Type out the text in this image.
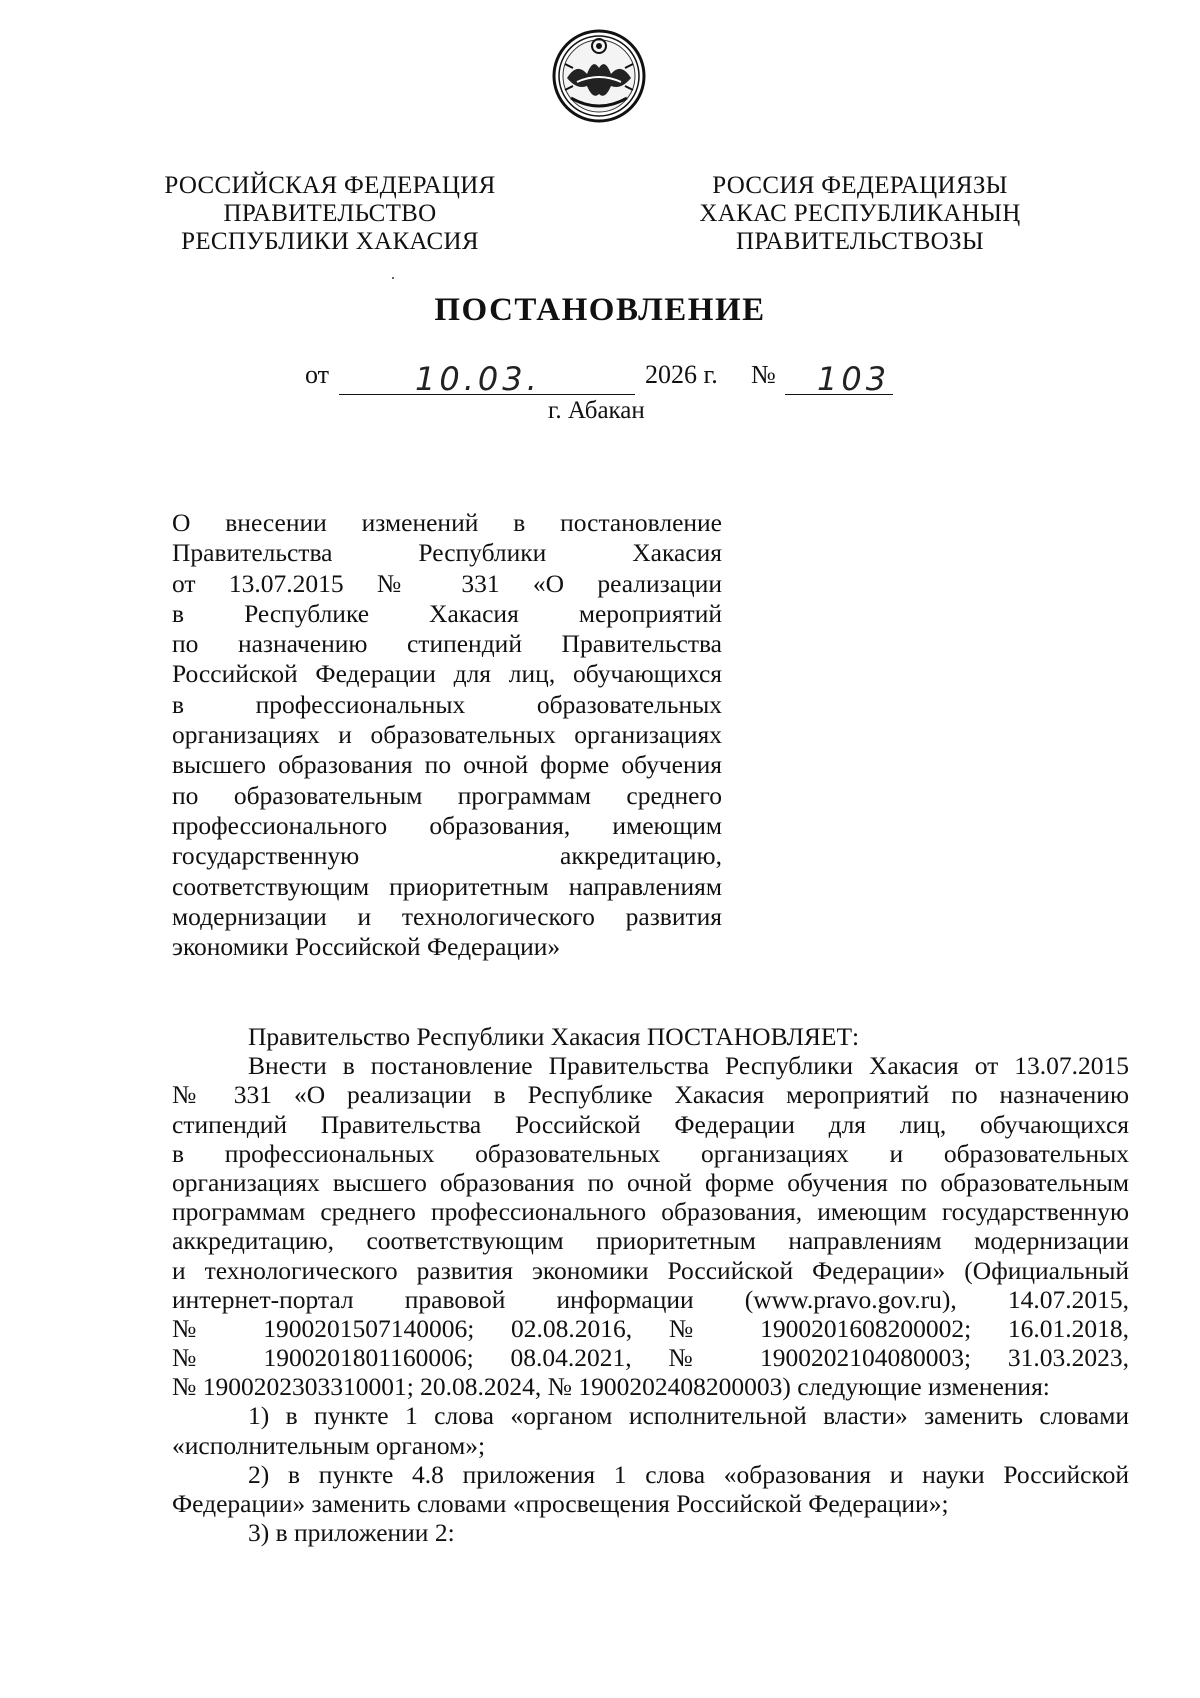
РОССИЙСКАЯ ФЕДЕРАЦИЯ
ПРАВИТЕЛЬСТВО
РЕСПУБЛИКИ ХАКАСИЯ
РОССИЯ ФЕДЕРАЦИЯЗЫ
ХАКАС РЕСПУБЛИКАНЫҢ
ПРАВИТЕЛЬСТВОЗЫ
ПОСТАНОВЛЕНИЕ
от	10.03.	2026 г. № 103
г. Абакан
О внесении изменений в постановление
Правительства Республики Хакасия
от 13.07.2015 № 331 «О реализации
в Республике Хакасия мероприятий
по назначению стипендий Правительства
Российской Федерации для лиц, обучающихся
в профессиональных образовательных
организациях и образовательных организациях
высшего образования по очной форме обучения
по образовательным программам среднего
профессионального образования, имеющим
государственную аккредитацию,
соответствующим приоритетным направлениям
модернизации и технологического развития
экономики Российской Федерации»
Правительство Республики Хакасия ПОСТАНОВЛЯЕТ:
Внести в постановление Правительства Республики Хакасия от 13.07.2015
№ 331 «О реализации в Республике Хакасия мероприятий по назначению
стипендий Правительства Российской Федерации для лиц, обучающихся
в профессиональных образовательных организациях и образовательных
организациях высшего образования по очной форме обучения по образовательным
программам среднего профессионального образования, имеющим государственную
аккредитацию, соответствующим приоритетным направлениям модернизации
и технологического развития экономики Российской Федерации» (Официальный
интернет-портал правовой информации (www.pravo.gov.ru), 14.07.2015,
№ 1900201507140006; 02.08.2016, № 1900201608200002; 16.01.2018,
№ 1900201801160006; 08.04.2021, № 1900202104080003; 31.03.2023,
№ 1900202303310001; 20.08.2024, № 1900202408200003) следующие изменения:
1) в пункте 1 слова «органом исполнительной власти» заменить словами
«исполнительным органом»;
2) в пункте 4.8 приложения 1 слова «образования и науки Российской
Федерации» заменить словами «просвещения Российской Федерации»;
3) в приложении 2:
